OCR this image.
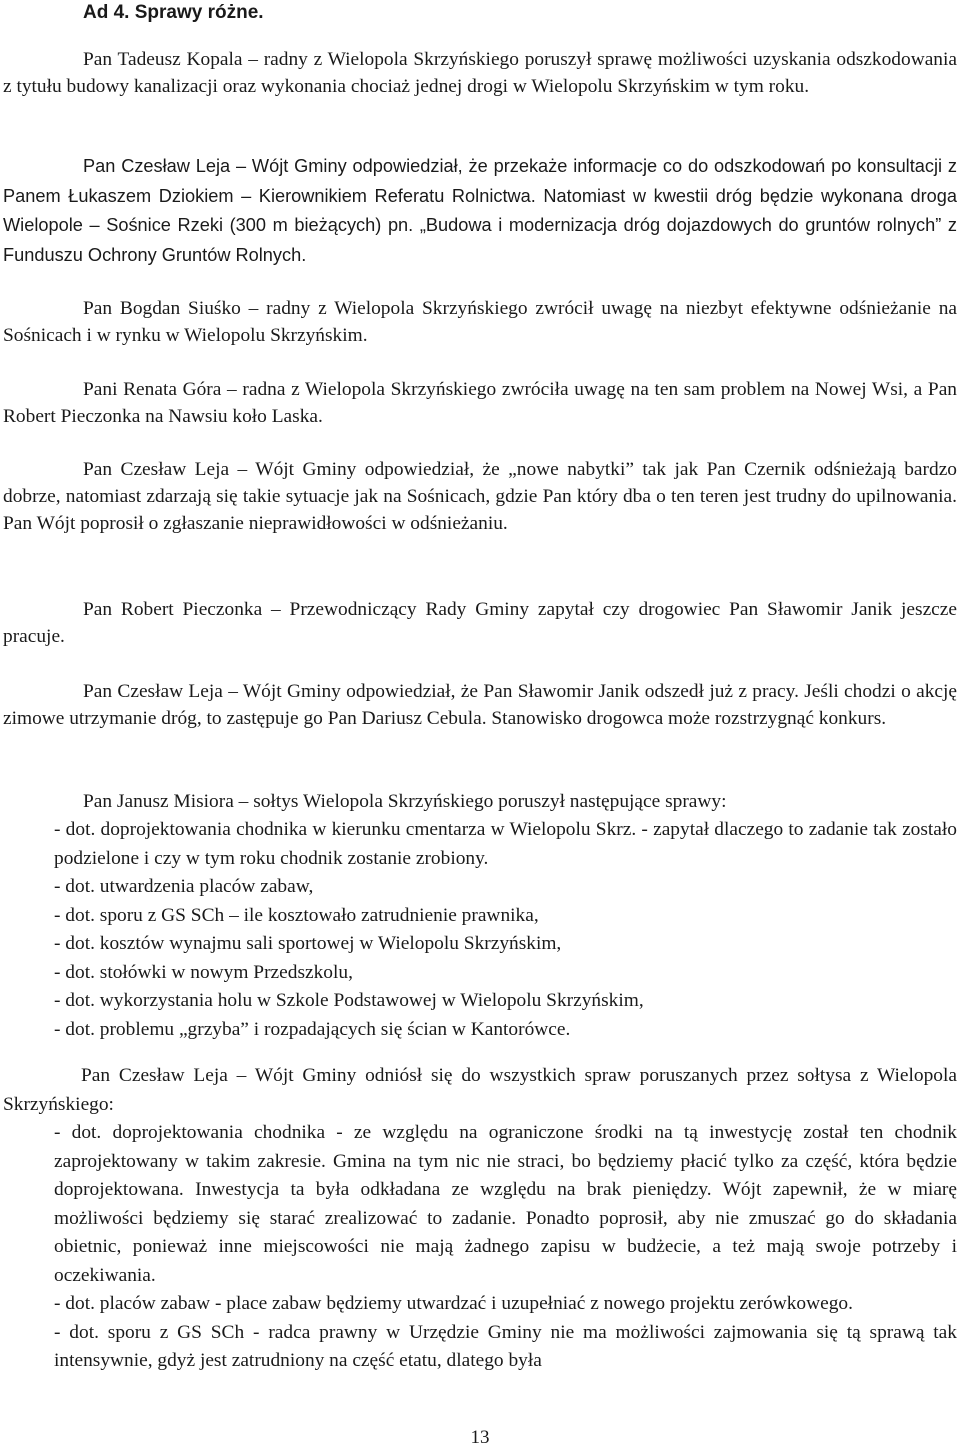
Ad 4. Sprawy różne.

Pan Tadeusz Kopala – radny z Wielopola Skrzyńskiego poruszył sprawę możliwości uzyskania odszkodowania z tytułu budowy kanalizacji oraz wykonania chociaż jednej drogi w Wielopolu Skrzyńskim w tym roku.

Pan Czesław Leja – Wójt Gminy odpowiedział, że przekaże informacje co do odszkodowań po konsultacji z Panem Łukaszem Dziokiem – Kierownikiem Referatu Rolnictwa. Natomiast w kwestii dróg będzie wykonana droga Wielopole – Sośnice Rzeki (300 m bieżących) pn. „Budowa i modernizacja dróg dojazdowych do gruntów rolnych” z Funduszu Ochrony Gruntów Rolnych.

Pan Bogdan Siuśko – radny z Wielopola Skrzyńskiego zwrócił uwagę na niezbyt efektywne odśnieżanie na Sośnicach i w rynku w Wielopolu Skrzyńskim.

Pani Renata Góra – radna z Wielopola Skrzyńskiego zwróciła uwagę na ten sam problem na Nowej Wsi, a Pan Robert Pieczonka na Nawsiu koło Laska.

Pan Czesław Leja – Wójt Gminy odpowiedział, że „nowe nabytki” tak jak Pan Czernik odśnieżają bardzo dobrze, natomiast zdarzają się takie sytuacje jak na Sośnicach, gdzie Pan który dba o ten teren jest trudny do upilnowania. Pan Wójt poprosił o zgłaszanie nieprawidłowości w odśnieżaniu.

Pan Robert Pieczonka – Przewodniczący Rady Gminy zapytał czy drogowiec Pan Sławomir Janik jeszcze pracuje.

Pan Czesław Leja – Wójt Gminy odpowiedział, że Pan Sławomir Janik odszedł już z pracy. Jeśli chodzi o akcję zimowe utrzymanie dróg, to zastępuje go Pan Dariusz Cebula. Stanowisko drogowca może rozstrzygnąć konkurs.

Pan Janusz Misiora – sołtys Wielopola Skrzyńskiego poruszył następujące sprawy:

- dot. doprojektowania chodnika w kierunku cmentarza w Wielopolu Skrz. - zapytał dlaczego to zadanie tak zostało podzielone i czy w tym roku chodnik zostanie zrobiony.
- dot. utwardzenia placów zabaw,
- dot. sporu z GS SCh – ile kosztowało zatrudnienie prawnika,
- dot. kosztów wynajmu sali sportowej w Wielopolu Skrzyńskim,
- dot. stołówki w nowym Przedszkolu,
- dot. wykorzystania holu w Szkole Podstawowej w Wielopolu Skrzyńskim,
- dot. problemu „grzyba” i rozpadających się ścian w Kantorówce.

Pan Czesław Leja – Wójt Gminy odniósł się do wszystkich spraw poruszanych przez sołtysa z Wielopola Skrzyńskiego:

- dot. doprojektowania chodnika - ze względu na ograniczone środki na tą inwestycję został ten chodnik zaprojektowany w takim zakresie. Gmina na tym nic nie straci, bo będziemy płacić tylko za część, która będzie doprojektowana. Inwestycja ta była odkładana ze względu na brak pieniędzy. Wójt zapewnił, że w miarę możliwości będziemy się starać zrealizować to zadanie. Ponadto poprosił, aby nie zmuszać go do składania obietnic, ponieważ inne miejscowości nie mają żadnego zapisu w budżecie, a też mają swoje potrzeby i oczekiwania.
- dot. placów zabaw - place zabaw będziemy utwardzać i uzupełniać z nowego projektu zerówkowego.
- dot. sporu z GS SCh - radca prawny w Urzędzie Gminy nie ma możliwości zajmowania się tą sprawą tak intensywnie, gdyż jest zatrudniony na część etatu, dlatego była
13
